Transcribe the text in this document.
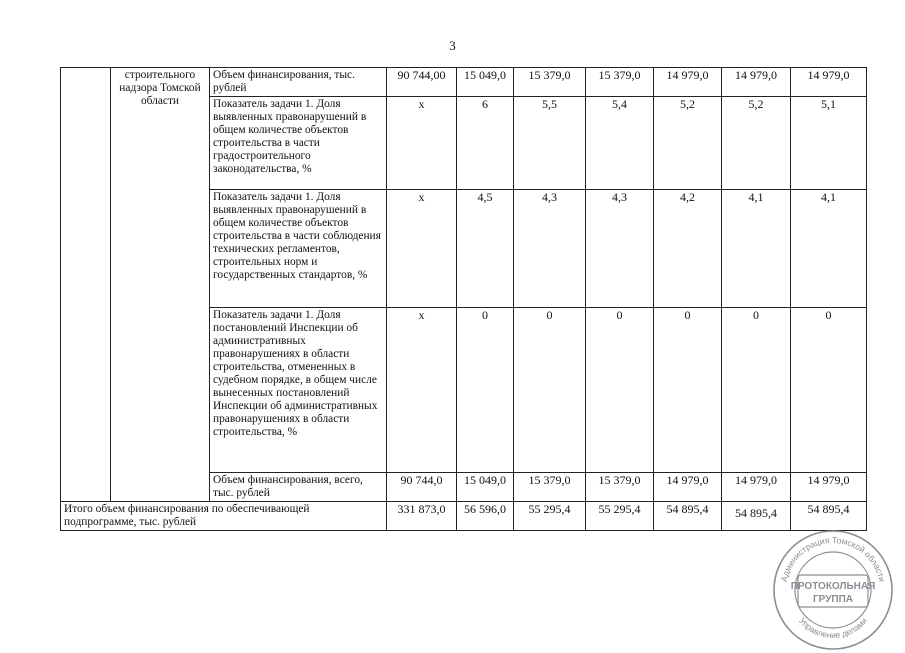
3
	строительного надзора Томской области	Объем финансирования, тыс. рублей	90 744,00	15 049,0	15 379,0	15 379,0	14 979,0	14 979,0	14 979,0
		Показатель задачи 1. Доля выявленных правонарушений в общем количестве объектов строительства в части градостроительного законодательства, %	х	6	5,5	5,4	5,2	5,2	5,1
		Показатель задачи 1. Доля выявленных правонарушений в общем количестве объектов строительства в части соблюдения технических регламентов, строительных норм и государственных стандартов, %	х	4,5	4,3	4,3	4,2	4,1	4,1
		Показатель задачи 1. Доля постановлений Инспекции об административных правонарушениях в области строительства, отмененных в судебном порядке, в общем числе вынесенных постановлений Инспекции об административных правонарушениях в области строительства, %	х	0	0	0	0	0	0
		Объем финансирования, всего, тыс. рублей	90 744,0	15 049,0	15 379,0	15 379,0	14 979,0	14 979,0	14 979,0
Итого объем финансирования по обеспечивающей подпрограмме, тыс. рублей			331 873,0	56 596,0	55 295,4	55 295,4	54 895,4	54 895,4	54 895,4
Администрация Томской области
Управление делами
ПРОТОКОЛЬНАЯ
ГРУППА
